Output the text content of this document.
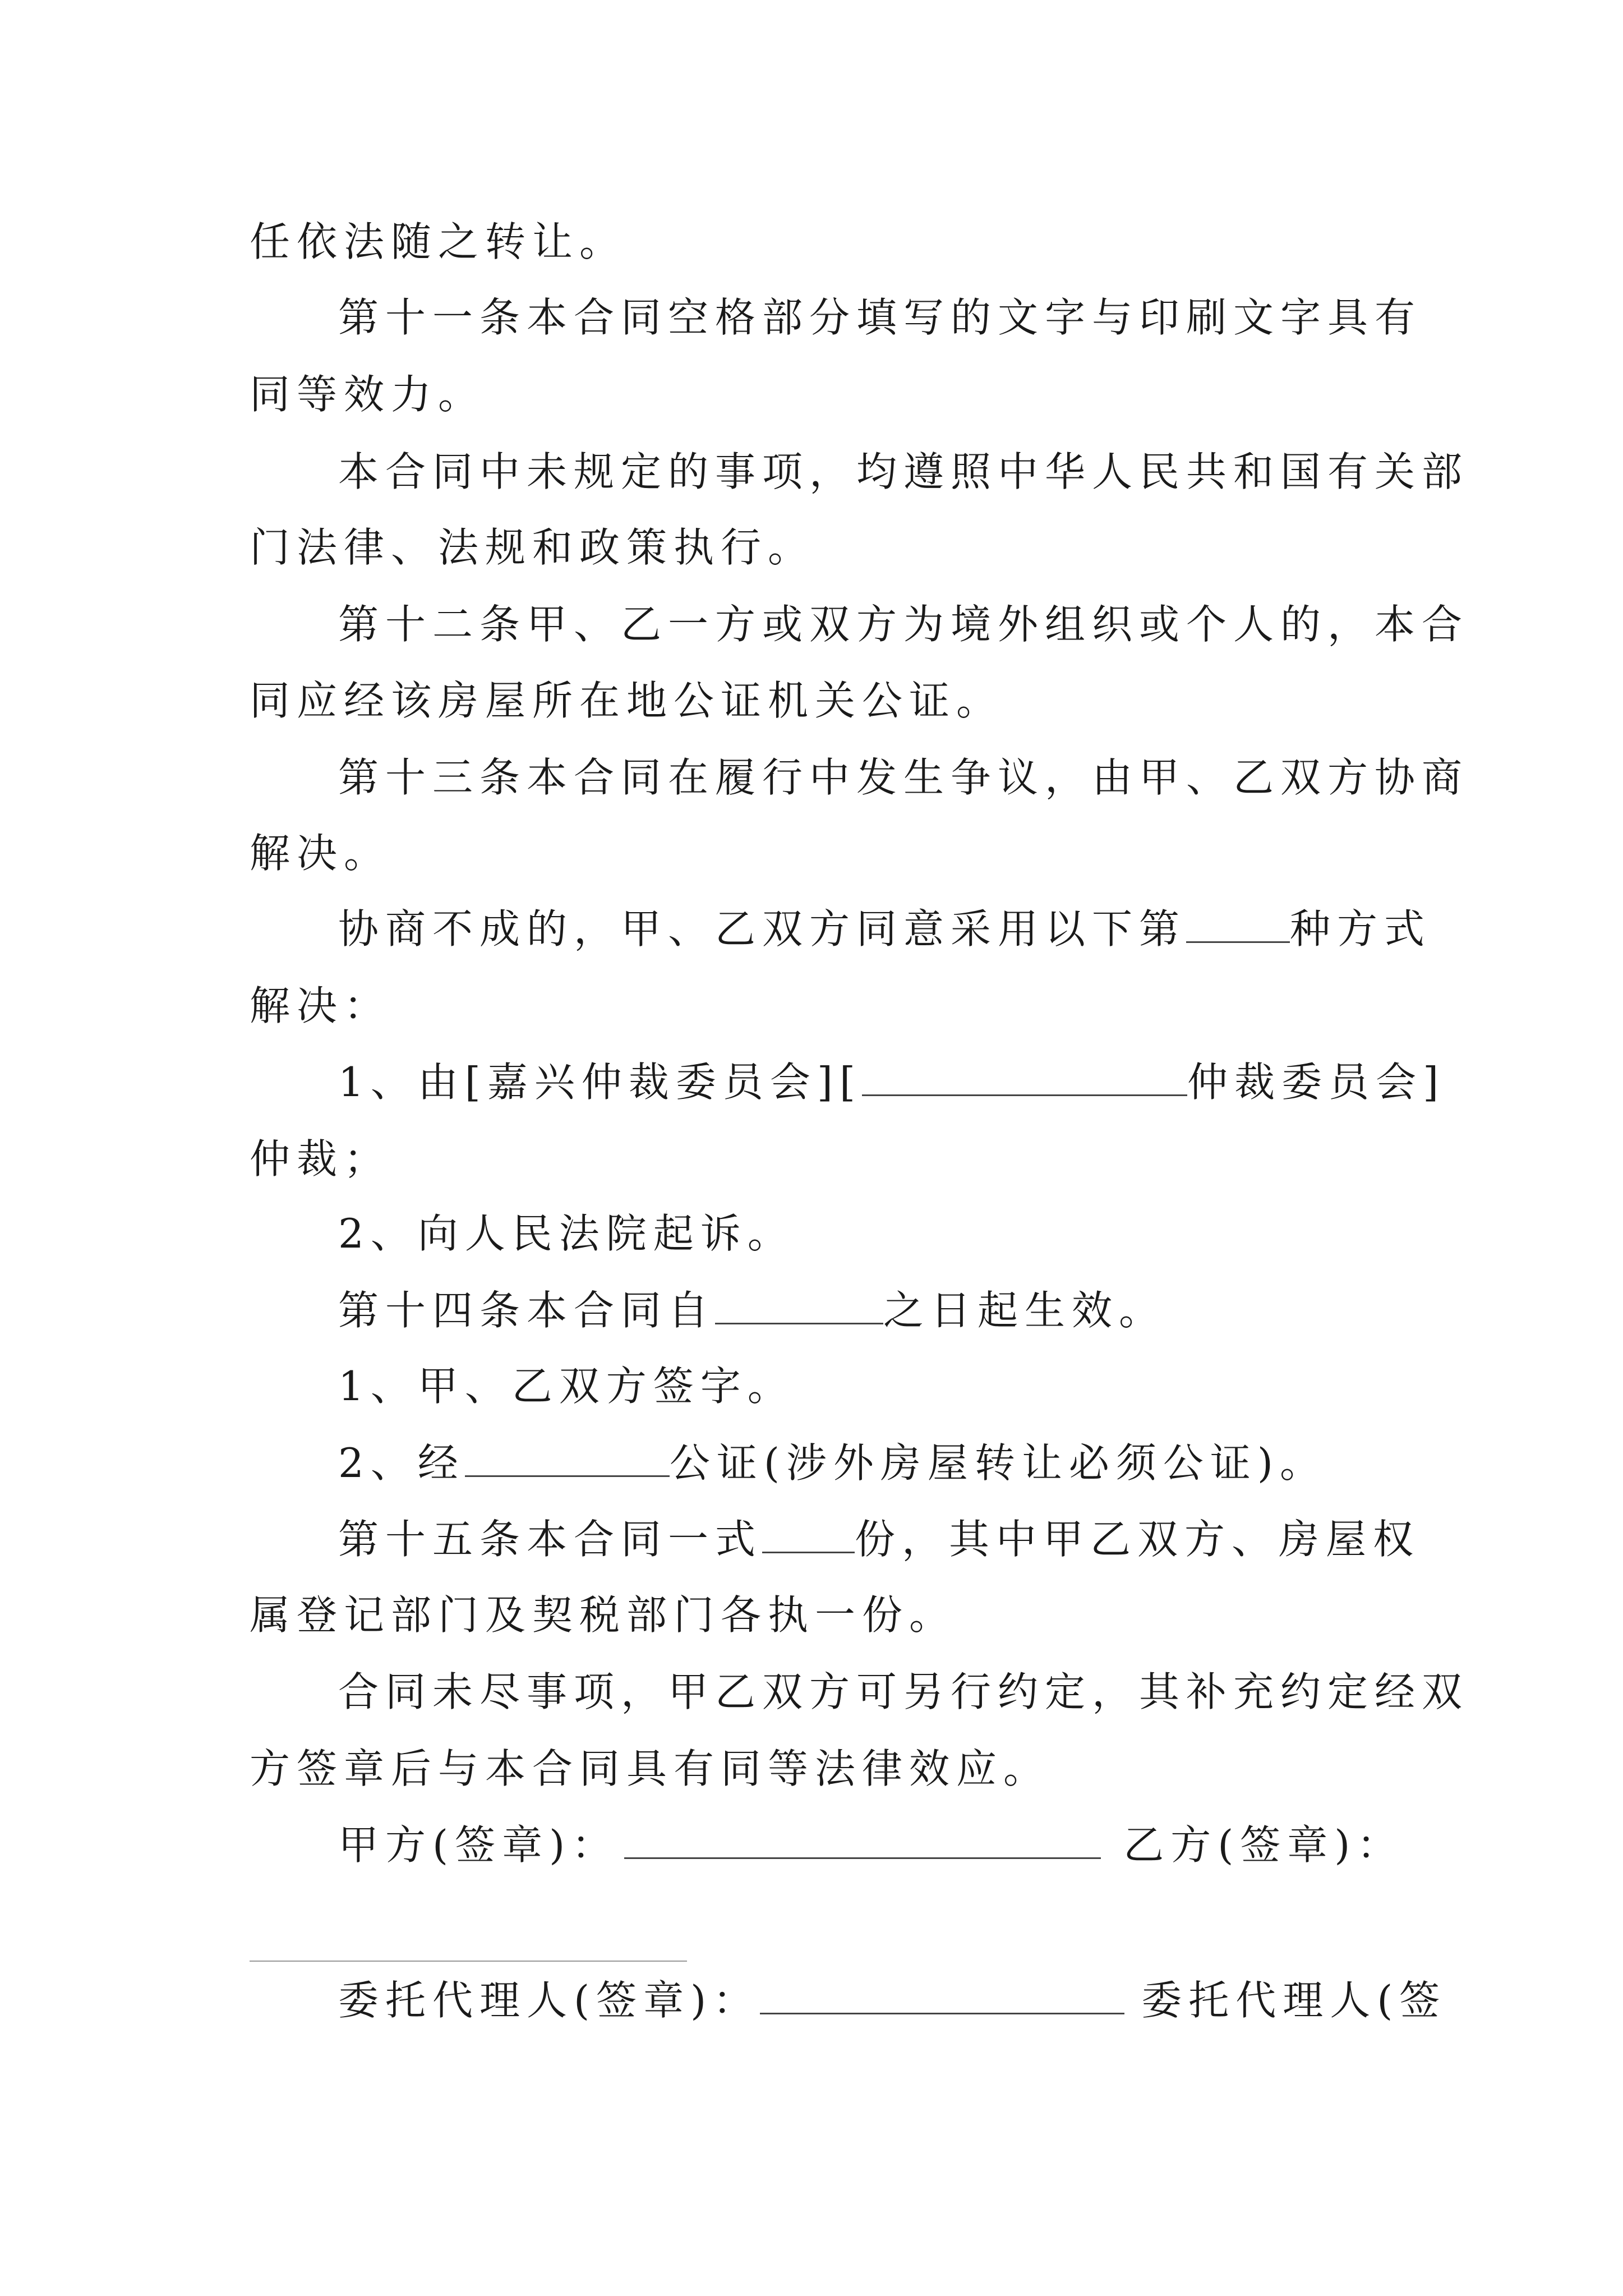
任依法随之转让。
第十一条本合同空格部分填写的文字与印刷文字具有
同等效力。
本合同中未规定的事项，均遵照中华人民共和国有关部
门法律、法规和政策执行。
第十二条甲、乙一方或双方为境外组织或个人的，本合
同应经该房屋所在地公证机关公证。
第十三条本合同在履行中发生争议，由甲、乙双方协商
解决。
协商不成的，甲、乙双方同意采用以下第	种方式
解决：
1、由[嘉兴仲裁委员会][	仲裁委员会]
仲裁；
2、向人民法院起诉。
第十四条本合同自	之日起生效。
1、甲、乙双方签字。
2、经	公证(涉外房屋转让必须公证)。
第十五条本合同一式 份，其中甲乙双方、房屋权
属登记部门及契税部门各执一份。
合同未尽事项，甲乙双方可另行约定，其补充约定经双
方签章后与本合同具有同等法律效应。
甲方(签章)：	乙方(签章)：
委托代理人(签章)：	委托代理人(签
